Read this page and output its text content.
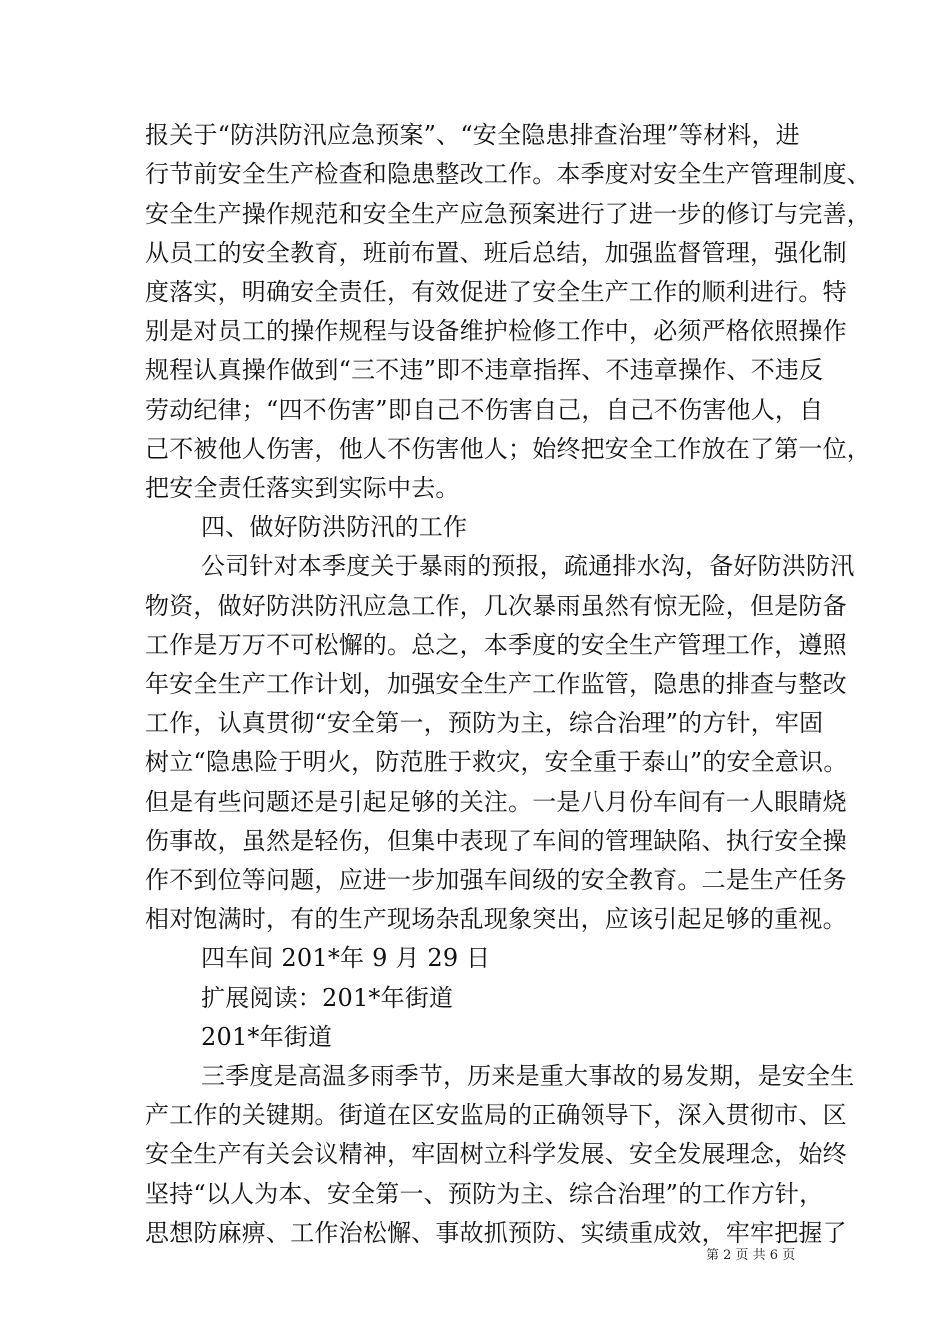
报关于“防洪防汛应急预案”、“安全隐患排查治理”等材料，进
行节前安全生产检查和隐患整改工作。本季度对安全生产管理制度、
安全生产操作规范和安全生产应急预案进行了进一步的修订与完善，
从员工的安全教育，班前布置、班后总结，加强监督管理，强化制
度落实，明确安全责任，有效促进了安全生产工作的顺利进行。特
别是对员工的操作规程与设备维护检修工作中，必须严格依照操作
规程认真操作做到“三不违”即不违章指挥、不违章操作、不违反
劳动纪律；“四不伤害”即自己不伤害自己，自己不伤害他人，自
己不被他人伤害，他人不伤害他人；始终把安全工作放在了第一位，
把安全责任落实到实际中去。
四、做好防洪防汛的工作
公司针对本季度关于暴雨的预报，疏通排水沟，备好防洪防汛
物资，做好防洪防汛应急工作，几次暴雨虽然有惊无险，但是防备
工作是万万不可松懈的。总之，本季度的安全生产管理工作，遵照
年安全生产工作计划，加强安全生产工作监管，隐患的排查与整改
工作，认真贯彻“安全第一，预防为主，综合治理”的方针，牢固
树立“隐患险于明火，防范胜于救灾，安全重于泰山”的安全意识。
但是有些问题还是引起足够的关注。一是八月份车间有一人眼睛烧
伤事故，虽然是轻伤，但集中表现了车间的管理缺陷、执行安全操
作不到位等问题，应进一步加强车间级的安全教育。二是生产任务
相对饱满时，有的生产现场杂乱现象突出，应该引起足够的重视。
四车间 201*年 9 月 29 日
扩展阅读：201*年街道
201*年街道
三季度是高温多雨季节，历来是重大事故的易发期，是安全生
产工作的关键期。街道在区安监局的正确领导下，深入贯彻市、区
安全生产有关会议精神，牢固树立科学发展、安全发展理念，始终
坚持“以人为本、安全第一、预防为主、综合治理”的工作方针，
思想防麻痹、工作治松懈、事故抓预防、实绩重成效，牢牢把握了
第 2 页 共 6 页
